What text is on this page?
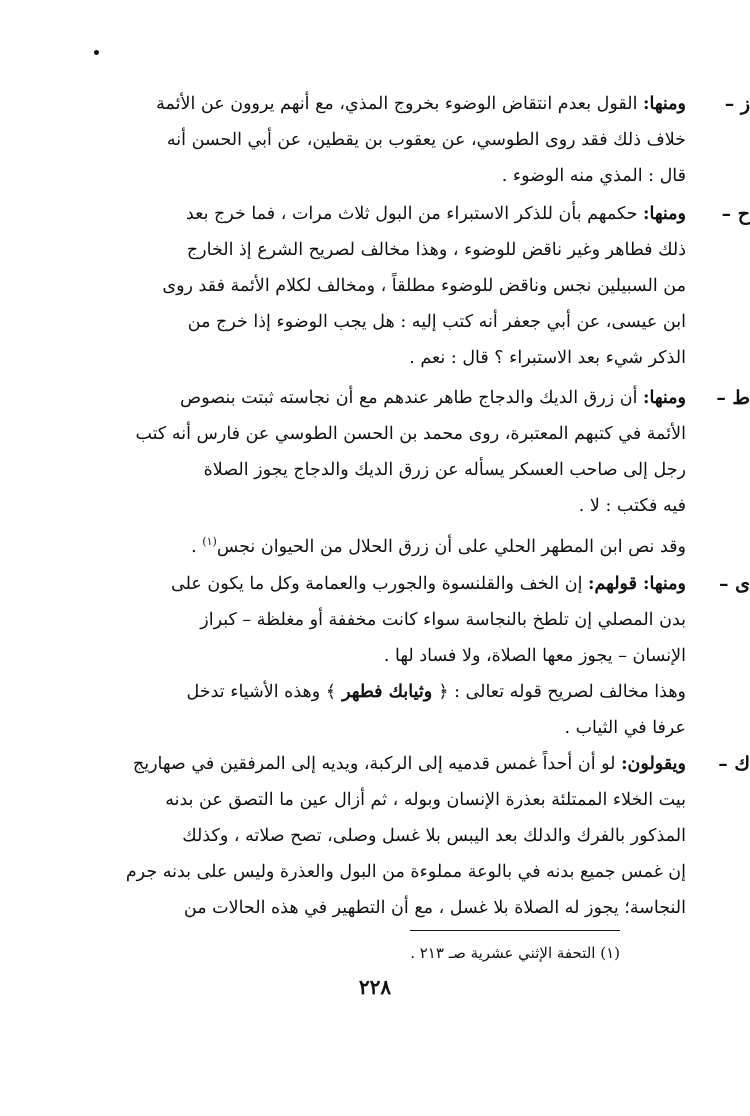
ز –
ومنها: القول بعدم انتقاض الوضوء بخروج المذي، مع أنهم يروون عن الأئمة
خلاف ذلك فقد روى الطوسي، عن يعقوب بن يقطين، عن أبي الحسن أنه
قال : المذي منه الوضوء .
ح –
ومنها: حكمهم بأن للذكر الاستبراء من البول ثلاث مرات ، فما خرج بعد
ذلك فطاهر وغير ناقض للوضوء ، وهذا مخالف لصريح الشرع إذ الخارج
من السبيلين نجس وناقض للوضوء مطلقاً ، ومخالف لكلام الأئمة فقد روى
ابن عيسى، عن أبي جعفر أنه كتب إليه : هل يجب الوضوء إذا خرج من
الذكر شيء بعد الاستبراء ؟ قال : نعم .
ط –
ومنها: أن زرق الديك والدجاج طاهر عندهم مع أن نجاسته ثبتت بنصوص
الأئمة في كتبهم المعتبرة، روى محمد بن الحسن الطوسي عن فارس أنه كتب
رجل إلى صاحب العسكر يسأله عن زرق الديك والدجاج يجوز الصلاة
فيه فكتب : لا .
وقد نص ابن المطهر الحلي على أن زرق الحلال من الحيوان نجس$^{(١)}$ .
ى –
ومنها: قولهم: إن الخف والقلنسوة والجورب والعمامة وكل ما يكون على
بدن المصلي إن تلطخ بالنجاسة سواء كانت مخففة أو مغلظة – كبراز
الإنسان – يجوز معها الصلاة، ولا فساد لها .
وهذا مخالف لصريح قوله تعالى : ﴿ وثيابك فطهر ﴾ وهذه الأشياء تدخل
عرفا في الثياب .
ك –
ويقولون: لو أن أحداً غمس قدميه إلى الركبة، ويديه إلى المرفقين في صهاريج
بيت الخلاء الممتلئة بعذرة الإنسان وبوله ، ثم أزال عين ما التصق عن بدنه
المذكور بالفرك والدلك بعد اليبس بلا غسل وصلى، تصح صلاته ، وكذلك
إن غمس جميع بدنه في بالوعة مملوءة من البول والعذرة وليس على بدنه جرم
النجاسة؛ يجوز له الصلاة بلا غسل ، مع أن التطهير في هذه الحالات من
(١) التحفة الإثني عشرية صـ ٢١٣ .
٢٢٨
